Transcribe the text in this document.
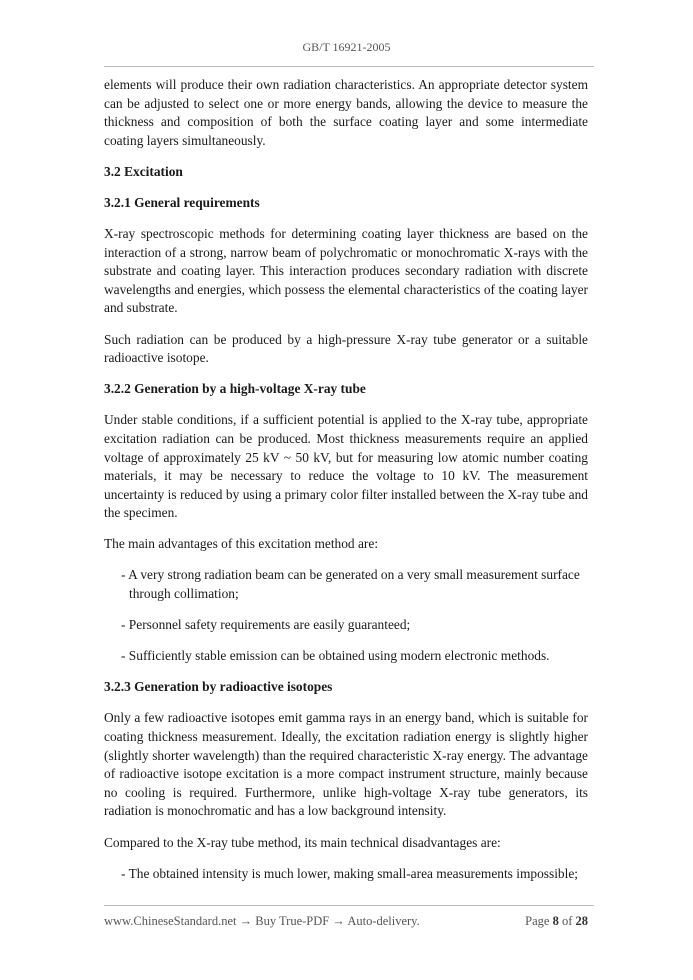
GB/T 16921-2005

elements will produce their own radiation characteristics. An appropriate detector system can be adjusted to select one or more energy bands, allowing the device to measure the thickness and composition of both the surface coating layer and some intermediate coating layers simultaneously.

3.2 Excitation

3.2.1 General requirements

X-ray spectroscopic methods for determining coating layer thickness are based on the interaction of a strong, narrow beam of polychromatic or monochromatic X-rays with the substrate and coating layer. This interaction produces secondary radiation with discrete wavelengths and energies, which possess the elemental characteristics of the coating layer and substrate.

Such radiation can be produced by a high-pressure X-ray tube generator or a suitable radioactive isotope.

3.2.2 Generation by a high-voltage X-ray tube

Under stable conditions, if a sufficient potential is applied to the X-ray tube, appropriate excitation radiation can be produced. Most thickness measurements require an applied voltage of approximately 25 kV ~ 50 kV, but for measuring low atomic number coating materials, it may be necessary to reduce the voltage to 10 kV. The measurement uncertainty is reduced by using a primary color filter installed between the X-ray tube and the specimen.

The main advantages of this excitation method are:

- A very strong radiation beam can be generated on a very small measurement surface
through collimation;

- Personnel safety requirements are easily guaranteed;

- Sufficiently stable emission can be obtained using modern electronic methods.

3.2.3 Generation by radioactive isotopes

Only a few radioactive isotopes emit gamma rays in an energy band, which is suitable for coating thickness measurement. Ideally, the excitation radiation energy is slightly higher (slightly shorter wavelength) than the required characteristic X-ray energy. The advantage of radioactive isotope excitation is a more compact instrument structure, mainly because no cooling is required. Furthermore, unlike high-voltage X-ray tube generators, its radiation is monochromatic and has a low background intensity.

Compared to the X-ray tube method, its main technical disadvantages are:

- The obtained intensity is much lower, making small-area measurements impossible;

www.ChineseStandard.net → Buy True-PDF → Auto-delivery.	Page 8 of 28
